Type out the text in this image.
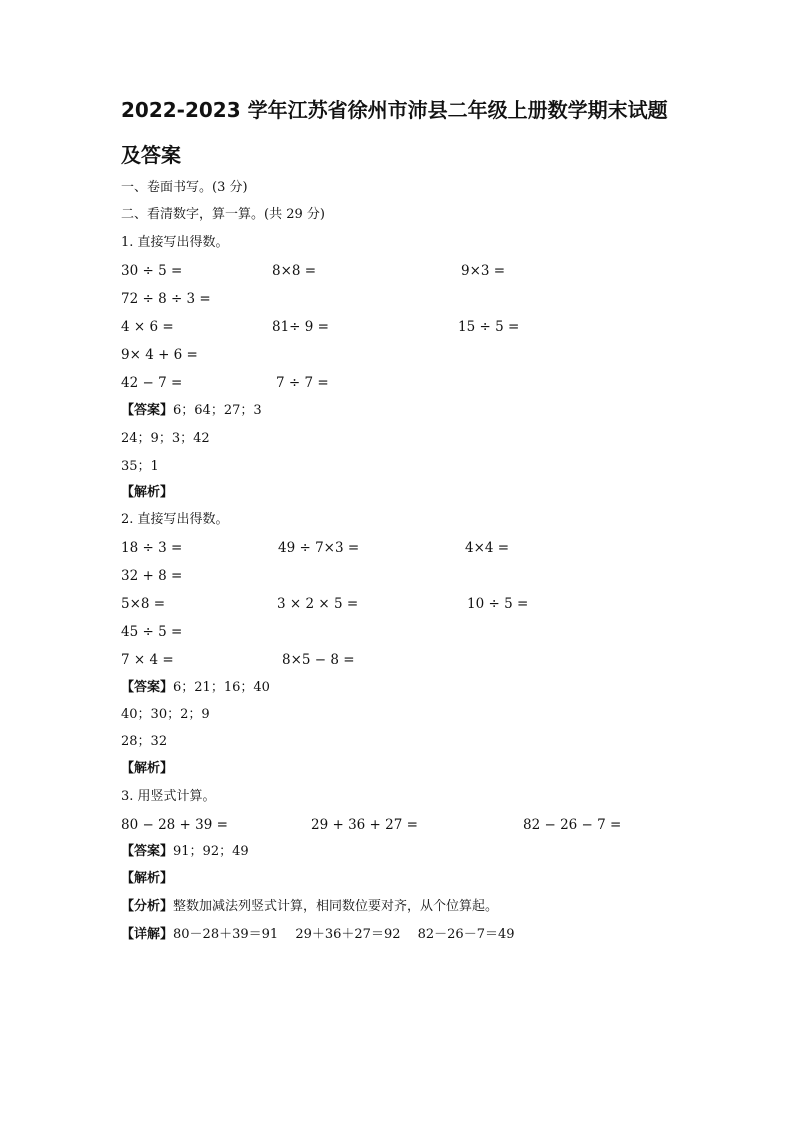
2022-2023 学年江苏省徐州市沛县二年级上册数学期末试题
及答案
一、卷面书写。(3 分)
二、看清数字，算一算。(共 29 分)
1. 直接写出得数。
30 ÷ 5 =	8×8 =	9×3 =
72 ÷ 8 ÷ 3 =
4 × 6 =	81÷ 9 =	15 ÷ 5 =
9× 4 + 6 =
42 − 7 =	7 ÷ 7 =
【答案】6；64；27；3
24；9；3；42
35；1
【解析】
2. 直接写出得数。
18 ÷ 3 =	49 ÷ 7×3 =	4×4 =
32 + 8 =
5×8 =	3 × 2 × 5 =	10 ÷ 5 =
45 ÷ 5 =
7 × 4 =	8×5 − 8 =
【答案】6；21；16；40
40；30；2；9
28；32
【解析】
3. 用竖式计算。
80 − 28 + 39 =	29 + 36 + 27 =	82 − 26 − 7 =
【答案】91；92；49
【解析】
【分析】整数加减法列竖式计算，相同数位要对齐，从个位算起。
【详解】80－28＋39＝91　 29＋36＋27＝92　 82－26－7＝49
